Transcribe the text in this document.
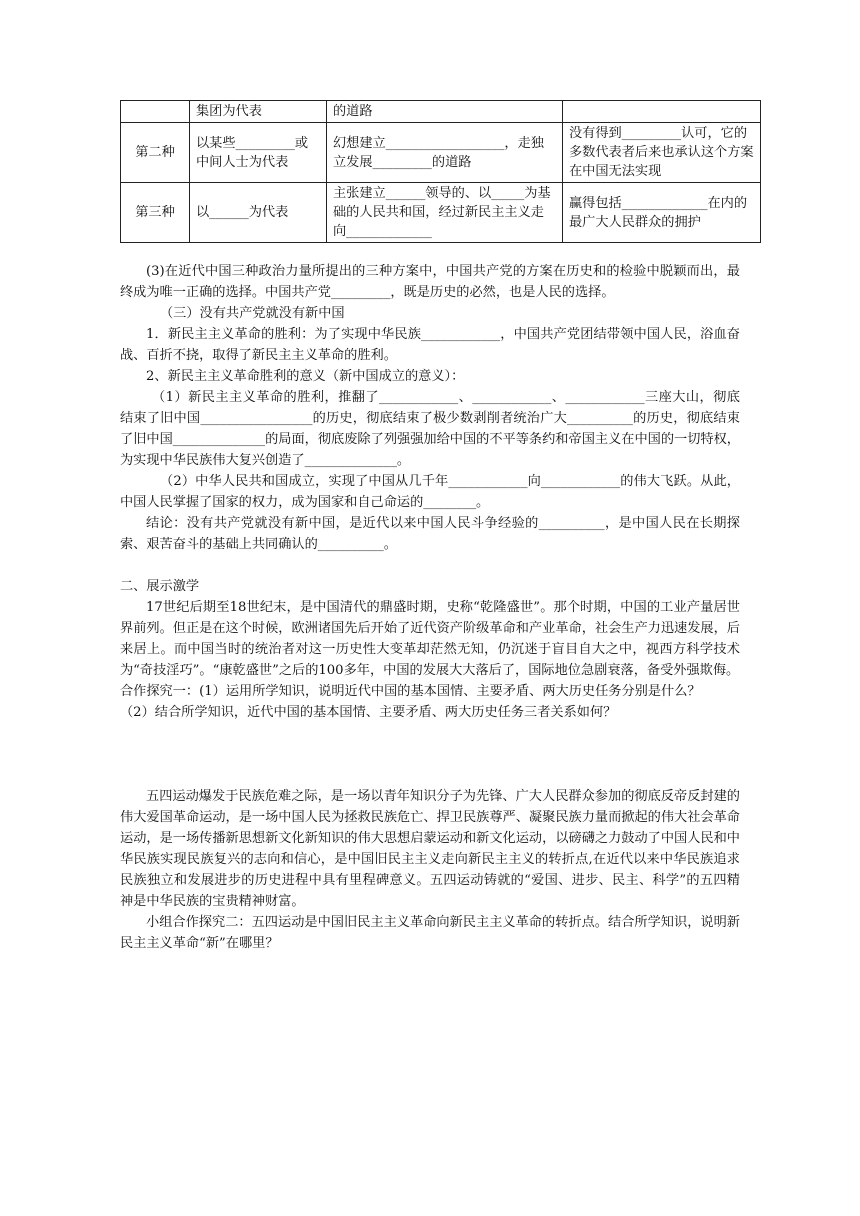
	集团为代表	的道路	
第二种	以某些_________或中间人士为代表	幻想建立__________________，走独立发展_________的道路	没有得到_________认可，它的多数代表者后来也承认这个方案在中国无法实现
第三种	以______为代表	主张建立______领导的、以_____为基础的人民共和国，经过新民主主义走向_____________	赢得包括_____________在内的最广大人民群众的拥护

(3)在近代中国三种政治力量所提出的三种方案中，中国共产党的方案在历史和的检验中脱颖而出，最终成为唯一正确的选择。中国共产党_________，既是历史的必然，也是人民的选择。

（三）没有共产党就没有新中国

1．新民主主义革命的胜利：为了实现中华民族____________，中国共产党团结带领中国人民，浴血奋战、百折不挠，取得了新民主主义革命的胜利。

2、新民主主义革命胜利的意义（新中国成立的意义）：

（1）新民主主义革命的胜利，推翻了____________、____________、____________三座大山，彻底结束了旧中国_________________的历史，彻底结束了极少数剥削者统治广大__________的历史，彻底结束了旧中国______________的局面，彻底废除了列强强加给中国的不平等条约和帝国主义在中国的一切特权，为实现中华民族伟大复兴创造了______________。

（2）中华人民共和国成立，实现了中国从几千年____________向____________的伟大飞跃。从此，中国人民掌握了国家的权力，成为国家和自己命运的________。

结论：没有共产党就没有新中国，是近代以来中国人民斗争经验的__________，是中国人民在长期探索、艰苦奋斗的基础上共同确认的__________。

二、展示激学

17世纪后期至18世纪末，是中国清代的鼎盛时期，史称“乾隆盛世”。那个时期，中国的工业产量居世界前列。但正是在这个时候，欧洲诸国先后开始了近代资产阶级革命和产业革命，社会生产力迅速发展，后来居上。而中国当时的统治者对这一历史性大变革却茫然无知，仍沉迷于盲目自大之中，视西方科学技术为“奇技淫巧”。“康乾盛世”之后的100多年，中国的发展大大落后了，国际地位急剧衰落，备受外强欺侮。

合作探究一：(1）运用所学知识，说明近代中国的基本国情、主要矛盾、两大历史任务分别是什么？

（2）结合所学知识，近代中国的基本国情、主要矛盾、两大历史任务三者关系如何？

五四运动爆发于民族危难之际，是一场以青年知识分子为先锋、广大人民群众参加的彻底反帝反封建的伟大爱国革命运动，是一场中国人民为拯救民族危亡、捍卫民族尊严、凝聚民族力量而掀起的伟大社会革命运动，是一场传播新思想新文化新知识的伟大思想启蒙运动和新文化运动，以磅礴之力鼓动了中国人民和中华民族实现民族复兴的志向和信心，是中国旧民主主义走向新民主主义的转折点,在近代以来中华民族追求民族独立和发展进步的历史进程中具有里程碑意义。五四运动铸就的“爱国、进步、民主、科学”的五四精神是中华民族的宝贵精神财富。

小组合作探究二：五四运动是中国旧民主主义革命向新民主主义革命的转折点。结合所学知识，说明新民主主义革命“新”在哪里？
